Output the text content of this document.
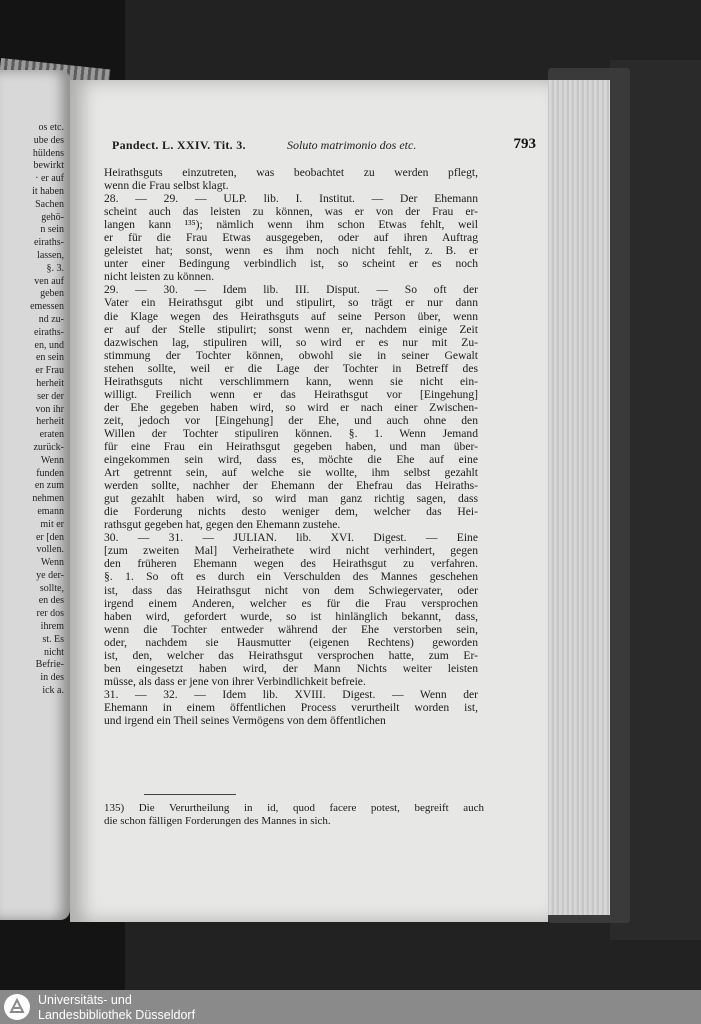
os etc.
ube des
hüldens
bewirkt
· er auf
it haben
Sachen
gehö-
n sein
eiraths-
lassen,
§. 3.
ven auf
geben
emessen
nd zu-
eiraths-
en, und
en sein
er Frau
herheit
ser der
von ihr
herheit
eraten
zurück-
Wenn
funden
en zum
nehmen
emann
mit er
er [den
vollen.
Wenn
ye der-
sollte,
en des
rer dos
ihrem
st. Es
nicht
Befrie-
in des
ick a.
Pandect. L. XXIV. Tit. 3.	Soluto matrimonio dos etc.	793
Heirathsguts einzutreten, was beobachtet zu werden pflegt,
wenn die Frau selbst klagt.
28. — 29. — ULP. lib. I. Institut. — Der Ehemann
scheint auch das leisten zu können, was er von der Frau er-
langen kann ¹³⁵); nämlich wenn ihm schon Etwas fehlt, weil
er für die Frau Etwas ausgegeben, oder auf ihren Auftrag
geleistet hat; sonst, wenn es ihm noch nicht fehlt, z. B. er
unter einer Bedingung verbindlich ist, so scheint er es noch
nicht leisten zu können.
29. — 30. — Idem lib. III. Disput. — So oft der
Vater ein Heirathsgut gibt und stipulirt, so trägt er nur dann
die Klage wegen des Heirathsguts auf seine Person über, wenn
er auf der Stelle stipulirt; sonst wenn er, nachdem einige Zeit
dazwischen lag, stipuliren will, so wird er es nur mit Zu-
stimmung der Tochter können, obwohl sie in seiner Gewalt
stehen sollte, weil er die Lage der Tochter in Betreff des
Heirathsguts nicht verschlimmern kann, wenn sie nicht ein-
willigt. Freilich wenn er das Heirathsgut vor [Eingehung]
der Ehe gegeben haben wird, so wird er nach einer Zwischen-
zeit, jedoch vor [Eingehung] der Ehe, und auch ohne den
Willen der Tochter stipuliren können. §. 1. Wenn Jemand
für eine Frau ein Heirathsgut gegeben haben, und man über-
eingekommen sein wird, dass es, möchte die Ehe auf eine
Art getrennt sein, auf welche sie wollte, ihm selbst gezahlt
werden sollte, nachher der Ehemann der Ehefrau das Heiraths-
gut gezahlt haben wird, so wird man ganz richtig sagen, dass
die Forderung nichts desto weniger dem, welcher das Hei-
rathsgut gegeben hat, gegen den Ehemann zustehe.
30. — 31. — JULIAN. lib. XVI. Digest. — Eine
[zum zweiten Mal] Verheirathete wird nicht verhindert, gegen
den früheren Ehemann wegen des Heirathsgut zu verfahren.
§. 1. So oft es durch ein Verschulden des Mannes geschehen
ist, dass das Heirathsgut nicht von dem Schwiegervater, oder
irgend einem Anderen, welcher es für die Frau versprochen
haben wird, gefordert wurde, so ist hinlänglich bekannt, dass,
wenn die Tochter entweder während der Ehe verstorben sein,
oder, nachdem sie Hausmutter (eigenen Rechtens) geworden
ist, den, welcher das Heirathsgut versprochen hatte, zum Er-
ben eingesetzt haben wird, der Mann Nichts weiter leisten
müsse, als dass er jene von ihrer Verbindlichkeit befreie.
31. — 32. — Idem lib. XVIII. Digest. — Wenn der
Ehemann in einem öffentlichen Process verurtheilt worden ist,
und irgend ein Theil seines Vermögens von dem öffentlichen
135) Die Verurtheilung in id, quod facere potest, begreift auch
die schon fälligen Forderungen des Mannes in sich.
Universitäts- und
Landesbibliothek Düsseldorf
